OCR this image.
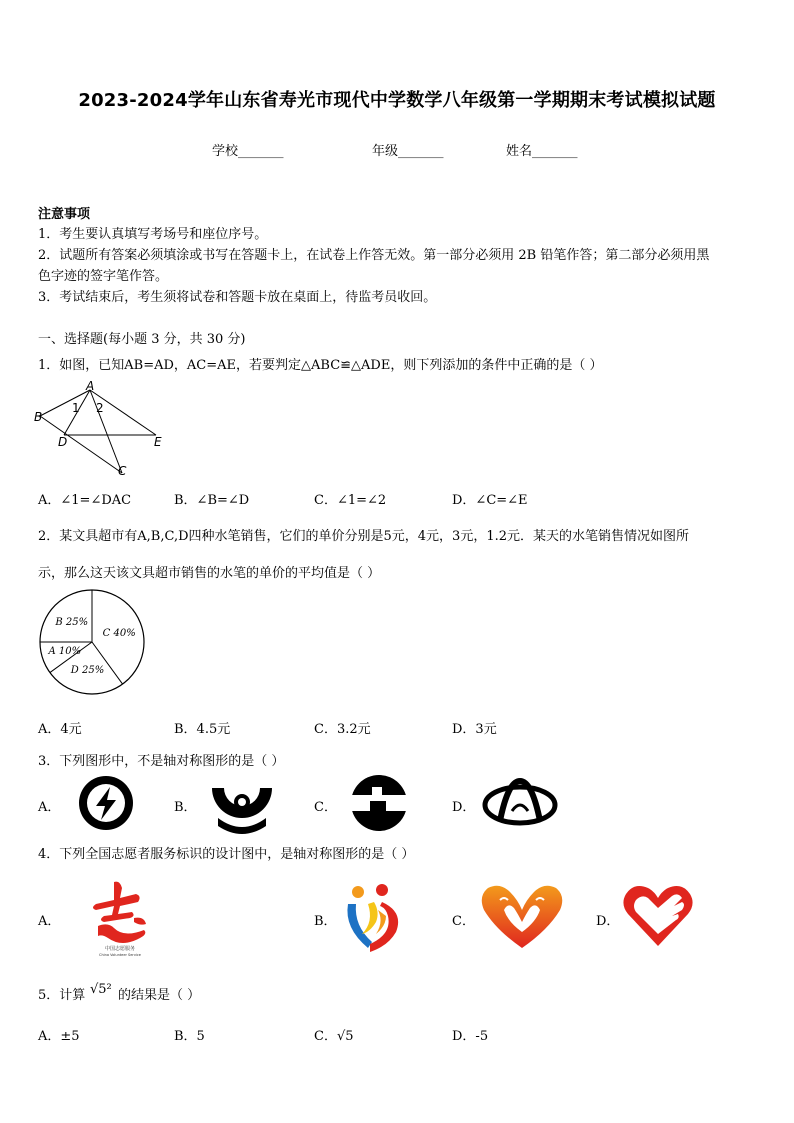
2023-2024学年山东省寿光市现代中学数学八年级第一学期期末考试模拟试题
学校_______	年级_______	姓名_______
注意事项
1．考生要认真填写考场号和座位序号。
2．试题所有答案必须填涂或书写在答题卡上，在试卷上作答无效。第一部分必须用 2B 铅笔作答；第二部分必须用黑
色字迹的签字笔作答。
3．考试结束后，考生须将试卷和答题卡放在桌面上，待监考员收回。
一、选择题(每小题 3 分，共 30 分)
1．如图，已知AB=AD，AC=AE，若要判定△ABC≌△ADE，则下列添加的条件中正确的是（ ）
A
B
D	E
C
1 2
A．∠1=∠DAC	B．∠B=∠D	C．∠1=∠2	D．∠C=∠E
2．某文具超市有A,B,C,D四种水笔销售，它们的单价分别是5元，4元，3元，1.2元．某天的水笔销售情况如图所
示，那么这天该文具超市销售的水笔的单价的平均值是（ ）
A 10%
B 25%
C 40%
D 25%
A．4元	B．4.5元	C．3.2元	D．3元
3．下列图形中，不是轴对称图形的是（ ）
A．	B．	C．	D．
4．下列全国志愿者服务标识的设计图中，是轴对称图形的是（ ）
A．
中国志愿服务
China Volunteer Service
B．	C．	D．
5．计算 √5² 的结果是（ ）
A．±5	B．5	C．√5	D．-5
